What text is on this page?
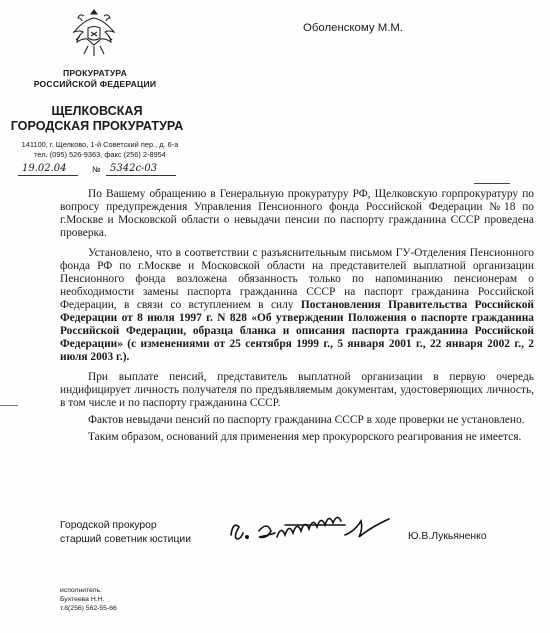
ПРОКУРАТУРА
РОССИЙСКОЙ ФЕДЕРАЦИИ
ЩЕЛКОВСКАЯ
ГОРОДСКАЯ ПРОКУРАТУРА
141100, г. Щелково, 1-й Советский пер., д. 6-а
тел. (095) 526-9363, факс (256) 2-8954
19.02.04	№ 5342с-03
Оболенскому М.М.

По Вашему обращению в Генеральную прокуратуру РФ, Щелковскую горпрокуратуру по вопросу предупреждения Управления Пенсионного фонда Российской Федерации №18 по г.Москве и Московской области о невыдачи пенсии по паспорту гражданина СССР проведена проверка.

Установлено, что в соответствии с разъяснительным письмом ГУ-Отделения Пенсионного фонда РФ по г.Москве и Московской области на представителей выплатной организации Пенсионного фонда возложена обязанность только по напоминанию пенсионерам о необходимости замены паспорта гражданина СССР на паспорт гражданина Российской Федерации, в связи со вступлением в силу Постановления Правительства Российской Федерации от 8 июля 1997 г. N 828 «Об утверждении Положения о паспорте гражданина Российской Федерации, образца бланка и описания паспорта гражданина Российской Федерации» (с изменениями от 25 сентября 1999 г., 5 января 2001 г., 22 января 2002 г., 2 июля 2003 г.).

При выплате пенсий, представитель выплатной организации в первую очередь индифицирует личность получателя по предъявляемым документам, удостоверяющих личность, в том числе и по паспорту гражданина СССР.

Фактов невыдачи пенсий по паспорту гражданина СССР в ходе проверки не установлено.

Таким образом, оснований для применения мер прокурорского реагирования не имеется.

Городской прокурор
старший советник юстиции	Ю.В.Лукьяненко
исполнитель:
Бухтеева Н.Н.
т.8(256) 562-55-66
